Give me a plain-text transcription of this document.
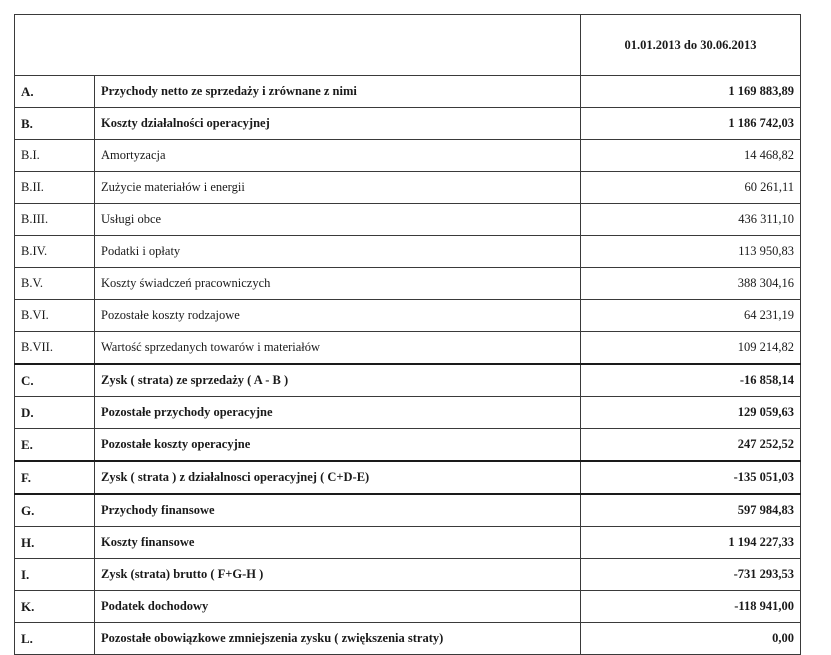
		01.01.2013 do 30.06.2013
A.	Przychody netto ze sprzedaży i zrównane z nimi	1 169 883,89
B.	Koszty działalności operacyjnej	1 186 742,03
B.I.	Amortyzacja	14 468,82
B.II.	Zużycie materiałów i energii	60 261,11
B.III.	Usługi obce	436 311,10
B.IV.	Podatki i opłaty	113 950,83
B.V.	Koszty świadczeń pracowniczych	388 304,16
B.VI.	Pozostałe koszty rodzajowe	64 231,19
B.VII.	Wartość sprzedanych towarów i materiałów	109 214,82
C.	Zysk ( strata) ze sprzedaży ( A - B )	-16 858,14
D.	Pozostałe przychody operacyjne	129 059,63
E.	Pozostałe koszty operacyjne	247 252,52
F.	Zysk ( strata ) z działalnosci operacyjnej ( C+D-E)	-135 051,03
G.	Przychody finansowe	597 984,83
H.	Koszty finansowe	1 194 227,33
I.	Zysk (strata) brutto ( F+G-H )	-731 293,53
K.	Podatek dochodowy	-118 941,00
L.	Pozostałe obowiązkowe zmniejszenia zysku ( zwiększenia straty)	0,00
